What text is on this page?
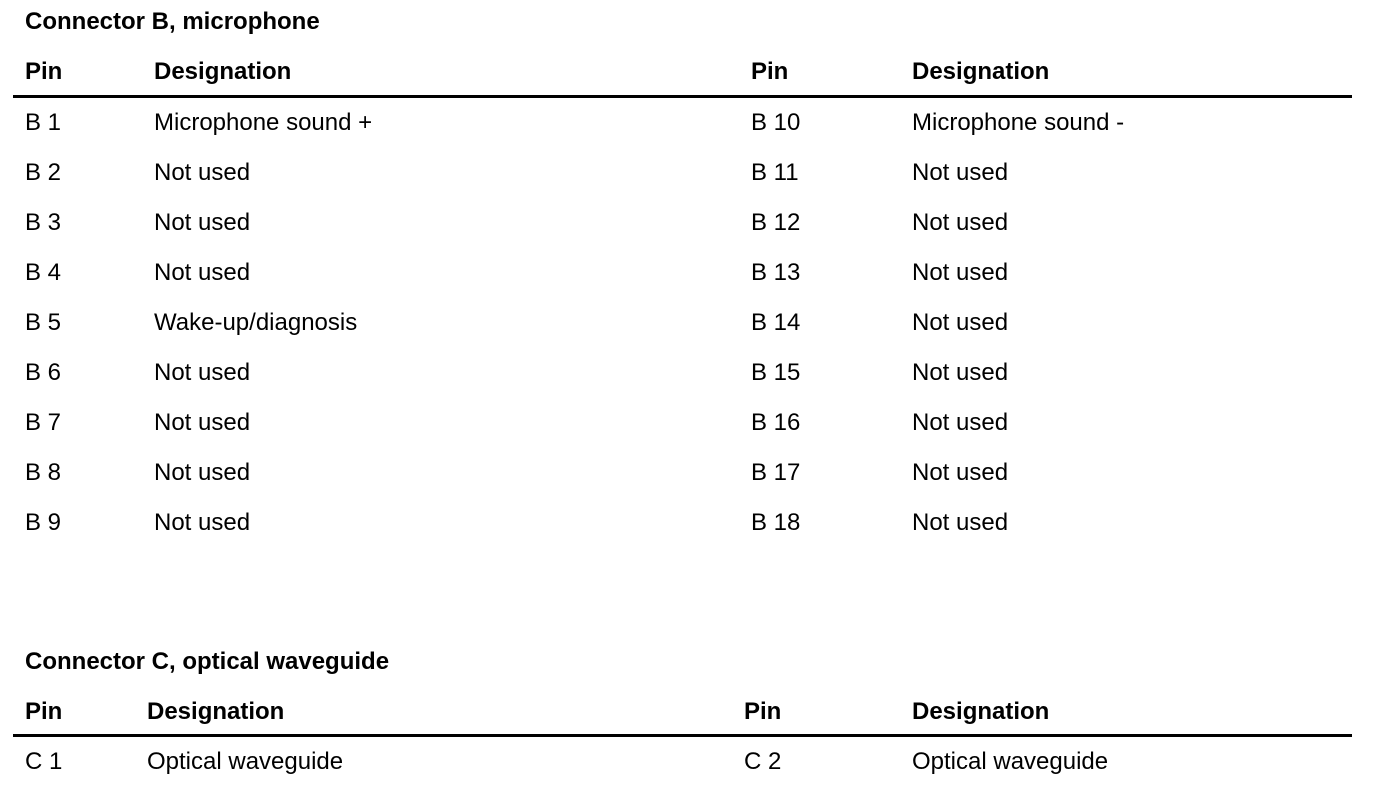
Connector B, microphone
Pin	Designation	Pin	Designation
B 1	Microphone sound +	B 10	Microphone sound -
B 2	Not used	B 11	Not used
B 3	Not used	B 12	Not used
B 4	Not used	B 13	Not used
B 5	Wake-up/diagnosis	B 14	Not used
B 6	Not used	B 15	Not used
B 7	Not used	B 16	Not used
B 8	Not used	B 17	Not used
B 9	Not used	B 18	Not used
Connector C, optical waveguide
Pin	Designation	Pin	Designation
C 1	Optical waveguide	C 2	Optical waveguide
